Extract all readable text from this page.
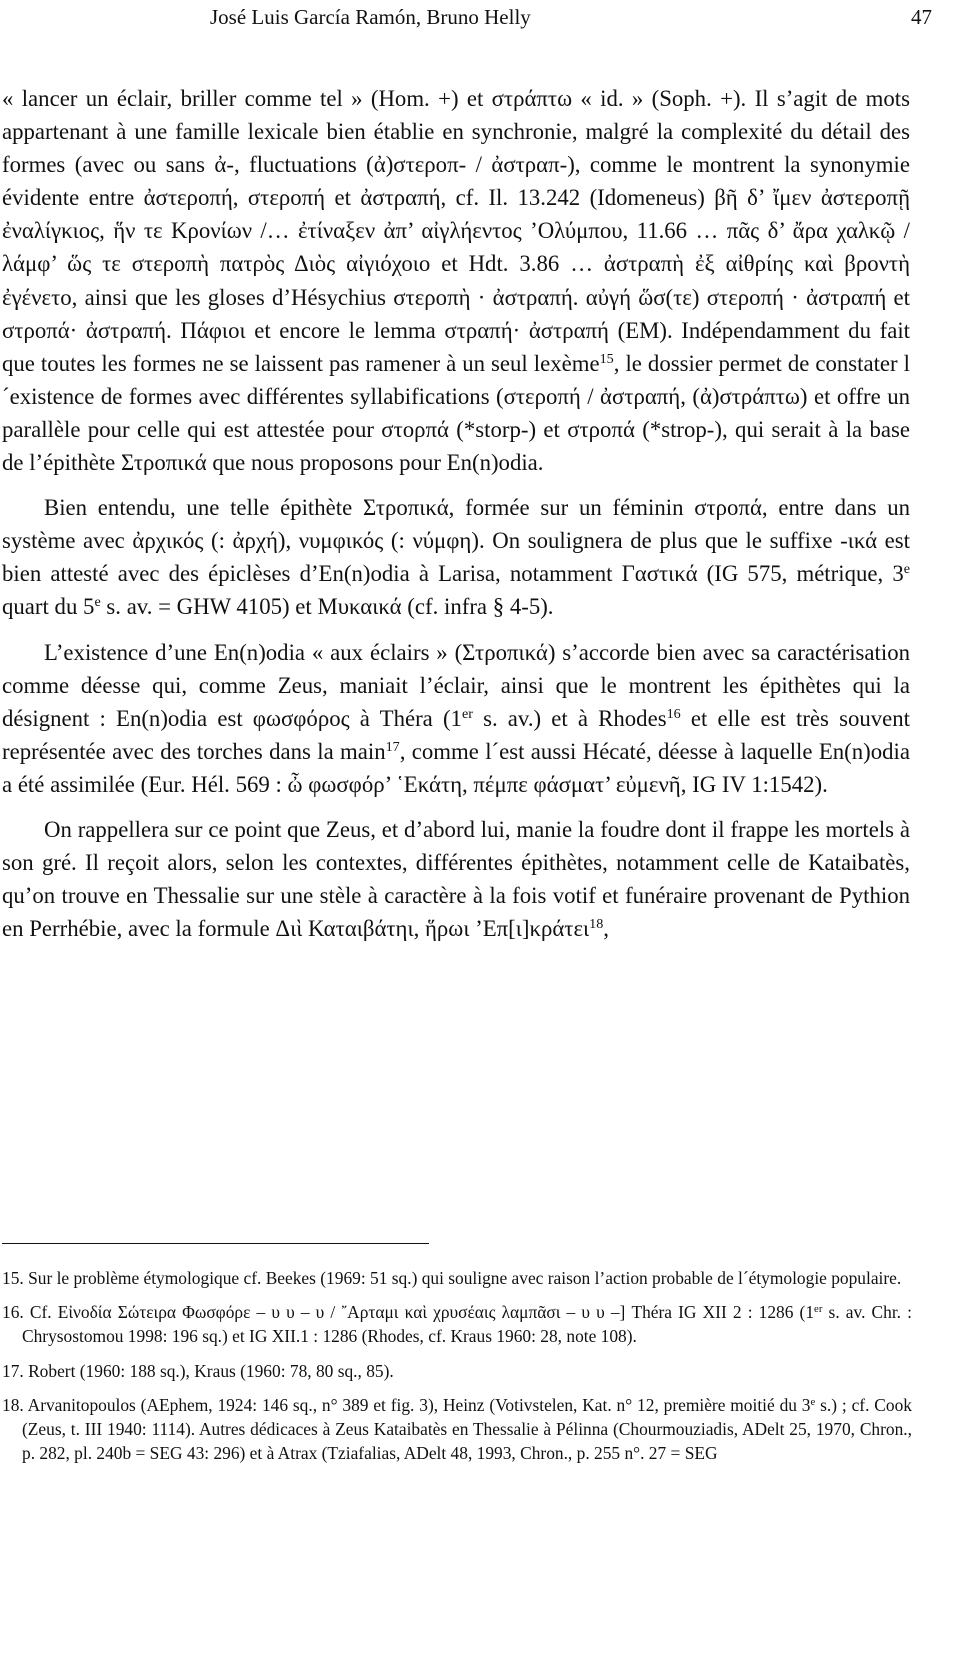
José Luis García Ramón, Bruno Helly	47

« lancer un éclair, briller comme tel » (Hom. +) et στράπτω « id. » (Soph. +). Il s’agit de mots appartenant à une famille lexicale bien établie en synchronie, malgré la complexité du détail des formes (avec ou sans ἀ-, fluctuations (ἀ)στεροπ- / ἀστραπ-), comme le montrent la synonymie évidente entre ἀστεροπή, στεροπή et ἀστραπή, cf. Il. 13.242 (Idomeneus) βῆ δ’ ἴμεν ἀστεροπῇ ἐναλίγκιος, ἥν τε Κρονίων /… ἐτίναξεν ἀπ’ αἰγλήεντος ’Ολύμπου, 11.66 … πᾶς δ’ ἄρα χαλκῷ / λάμφ’ ὥς τε στεροπὴ πατρὸς Διὸς αἰγιόχοιο et Hdt. 3.86 … ἀστραπὴ ἐξ αἰθρίης καὶ βροντὴ ἐγένετο, ainsi que les gloses d’Hésychius στεροπὴ · ἀστραπή. αὐγή ὥσ(τε) στεροπή · ἀστραπή et στροπά· ἀστραπή. Πάφιοι et encore le lemma στραπή· ἀστραπή (EM). Indépendamment du fait que toutes les formes ne se laissent pas ramener à un seul lexème$^{15}$, le dossier permet de constater l´existence de formes avec différentes syllabifications (στεροπή / ἀστραπή, (ἀ)στράπτω) et offre un parallèle pour celle qui est attestée pour στορπά (*storp-) et στροπά (*strop-), qui serait à la base de l’épithète Στροπικά que nous proposons pour En(n)odia.

Bien entendu, une telle épithète Στροπικά, formée sur un féminin στροπά, entre dans un système avec ἀρχικός (: ἀρχή), νυμφικός (: νύμφη). On soulignera de plus que le suffixe -ικά est bien attesté avec des épiclèses d’En(n)odia à Larisa, notamment Γαστικά (IG 575, métrique, 3e quart du 5e s. av. = GHW 4105) et Μυκαικά (cf. infra § 4-5).

L’existence d’une En(n)odia « aux éclairs » (Στροπικά) s’accorde bien avec sa caractérisation comme déesse qui, comme Zeus, maniait l’éclair, ainsi que le montrent les épithètes qui la désignent : En(n)odia est φωσφόρος à Théra (1er s. av.) et à Rhodes$^{16}$ et elle est très souvent représentée avec des torches dans la main$^{17}$, comme l´est aussi Hécaté, déesse à laquelle En(n)odia a été assimilée (Eur. Hél. 569 : ὦ φωσφόρ’ ῾Εκάτη, πέμπε φάσματ’ εὐμενῆ, IG IV 1:1542).

On rappellera sur ce point que Zeus, et d’abord lui, manie la foudre dont il frappe les mortels à son gré. Il reçoit alors, selon les contextes, différentes épithètes, notamment celle de Kataibatès, qu’on trouve en Thessalie sur une stèle à caractère à la fois votif et funéraire provenant de Pythion en Perrhébie, avec la formule Διὶ Καταιβάτηι, ἥρωι ’Επ[ι]κράτει$^{18}$,

15. Sur le problème étymologique cf. Beekes (1969: 51 sq.) qui souligne avec raison l’action probable de l´étymologie populaire.

16. Cf. Εἰνοδία Σώτειρα Φωσφόρε – υ υ – υ / ῎Αρταμι καὶ χρυσέαις λαμπᾶσι – υ υ –] Théra IG XII 2 : 1286 (1er s. av. Chr. : Chrysostomou 1998: 196 sq.) et IG XII.1 : 1286 (Rhodes, cf. Kraus 1960: 28, note 108).

17. Robert (1960: 188 sq.), Kraus (1960: 78, 80 sq., 85).

18. Arvanitopoulos (AEphem, 1924: 146 sq., n° 389 et fig. 3), Heinz (Votivstelen, Kat. n° 12, première moitié du 3e s.) ; cf. Cook (Zeus, t. III 1940: 1114). Autres dédicaces à Zeus Kataibatès en Thessalie à Pélinna (Chourmouziadis, ADelt 25, 1970, Chron., p. 282, pl. 240b = SEG 43: 296) et à Atrax (Tziafalias, ADelt 48, 1993, Chron., p. 255 n°. 27 = SEG
